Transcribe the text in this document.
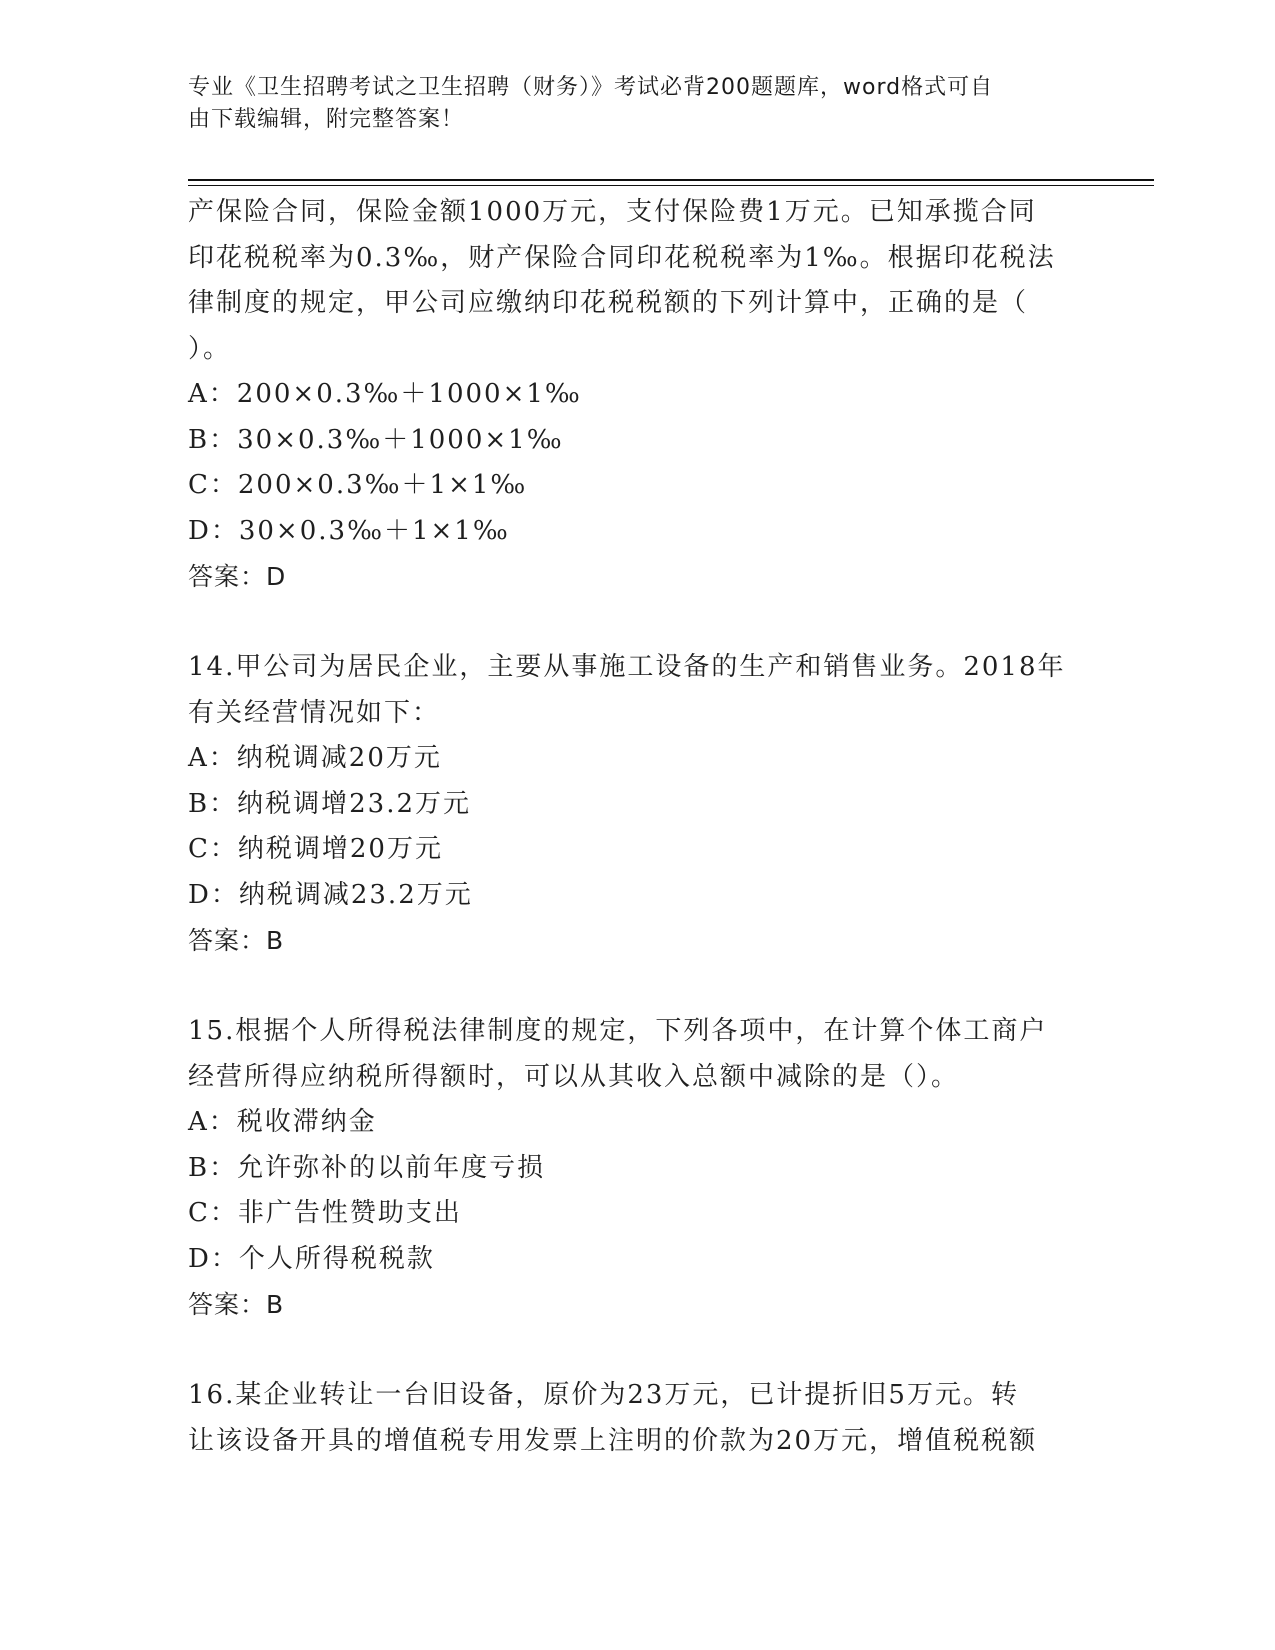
专业《卫生招聘考试之卫生招聘（财务）》考试必背200题题库，word格式可自
由下载编辑，附完整答案！

产保险合同，保险金额1000万元，支付保险费1万元。已知承揽合同

印花税税率为0.3‰，财产保险合同印花税税率为1‰。根据印花税法

律制度的规定，甲公司应缴纳印花税税额的下列计算中，正确的是（

）。

A：200×0.3‰＋1000×1‰

B：30×0.3‰＋1000×1‰

C：200×0.3‰＋1×1‰

D：30×0.3‰＋1×1‰

答案：D

14.甲公司为居民企业，主要从事施工设备的生产和销售业务。2018年

有关经营情况如下：

A：纳税调减20万元

B：纳税调增23.2万元

C：纳税调增20万元

D：纳税调减23.2万元

答案：B

15.根据个人所得税法律制度的规定，下列各项中，在计算个体工商户

经营所得应纳税所得额时，可以从其收入总额中减除的是（）。

A：税收滞纳金

B：允许弥补的以前年度亏损

C：非广告性赞助支出

D：个人所得税税款

答案：B

16.某企业转让一台旧设备，原价为23万元，已计提折旧5万元。转

让该设备开具的增值税专用发票上注明的价款为20万元，增值税税额
